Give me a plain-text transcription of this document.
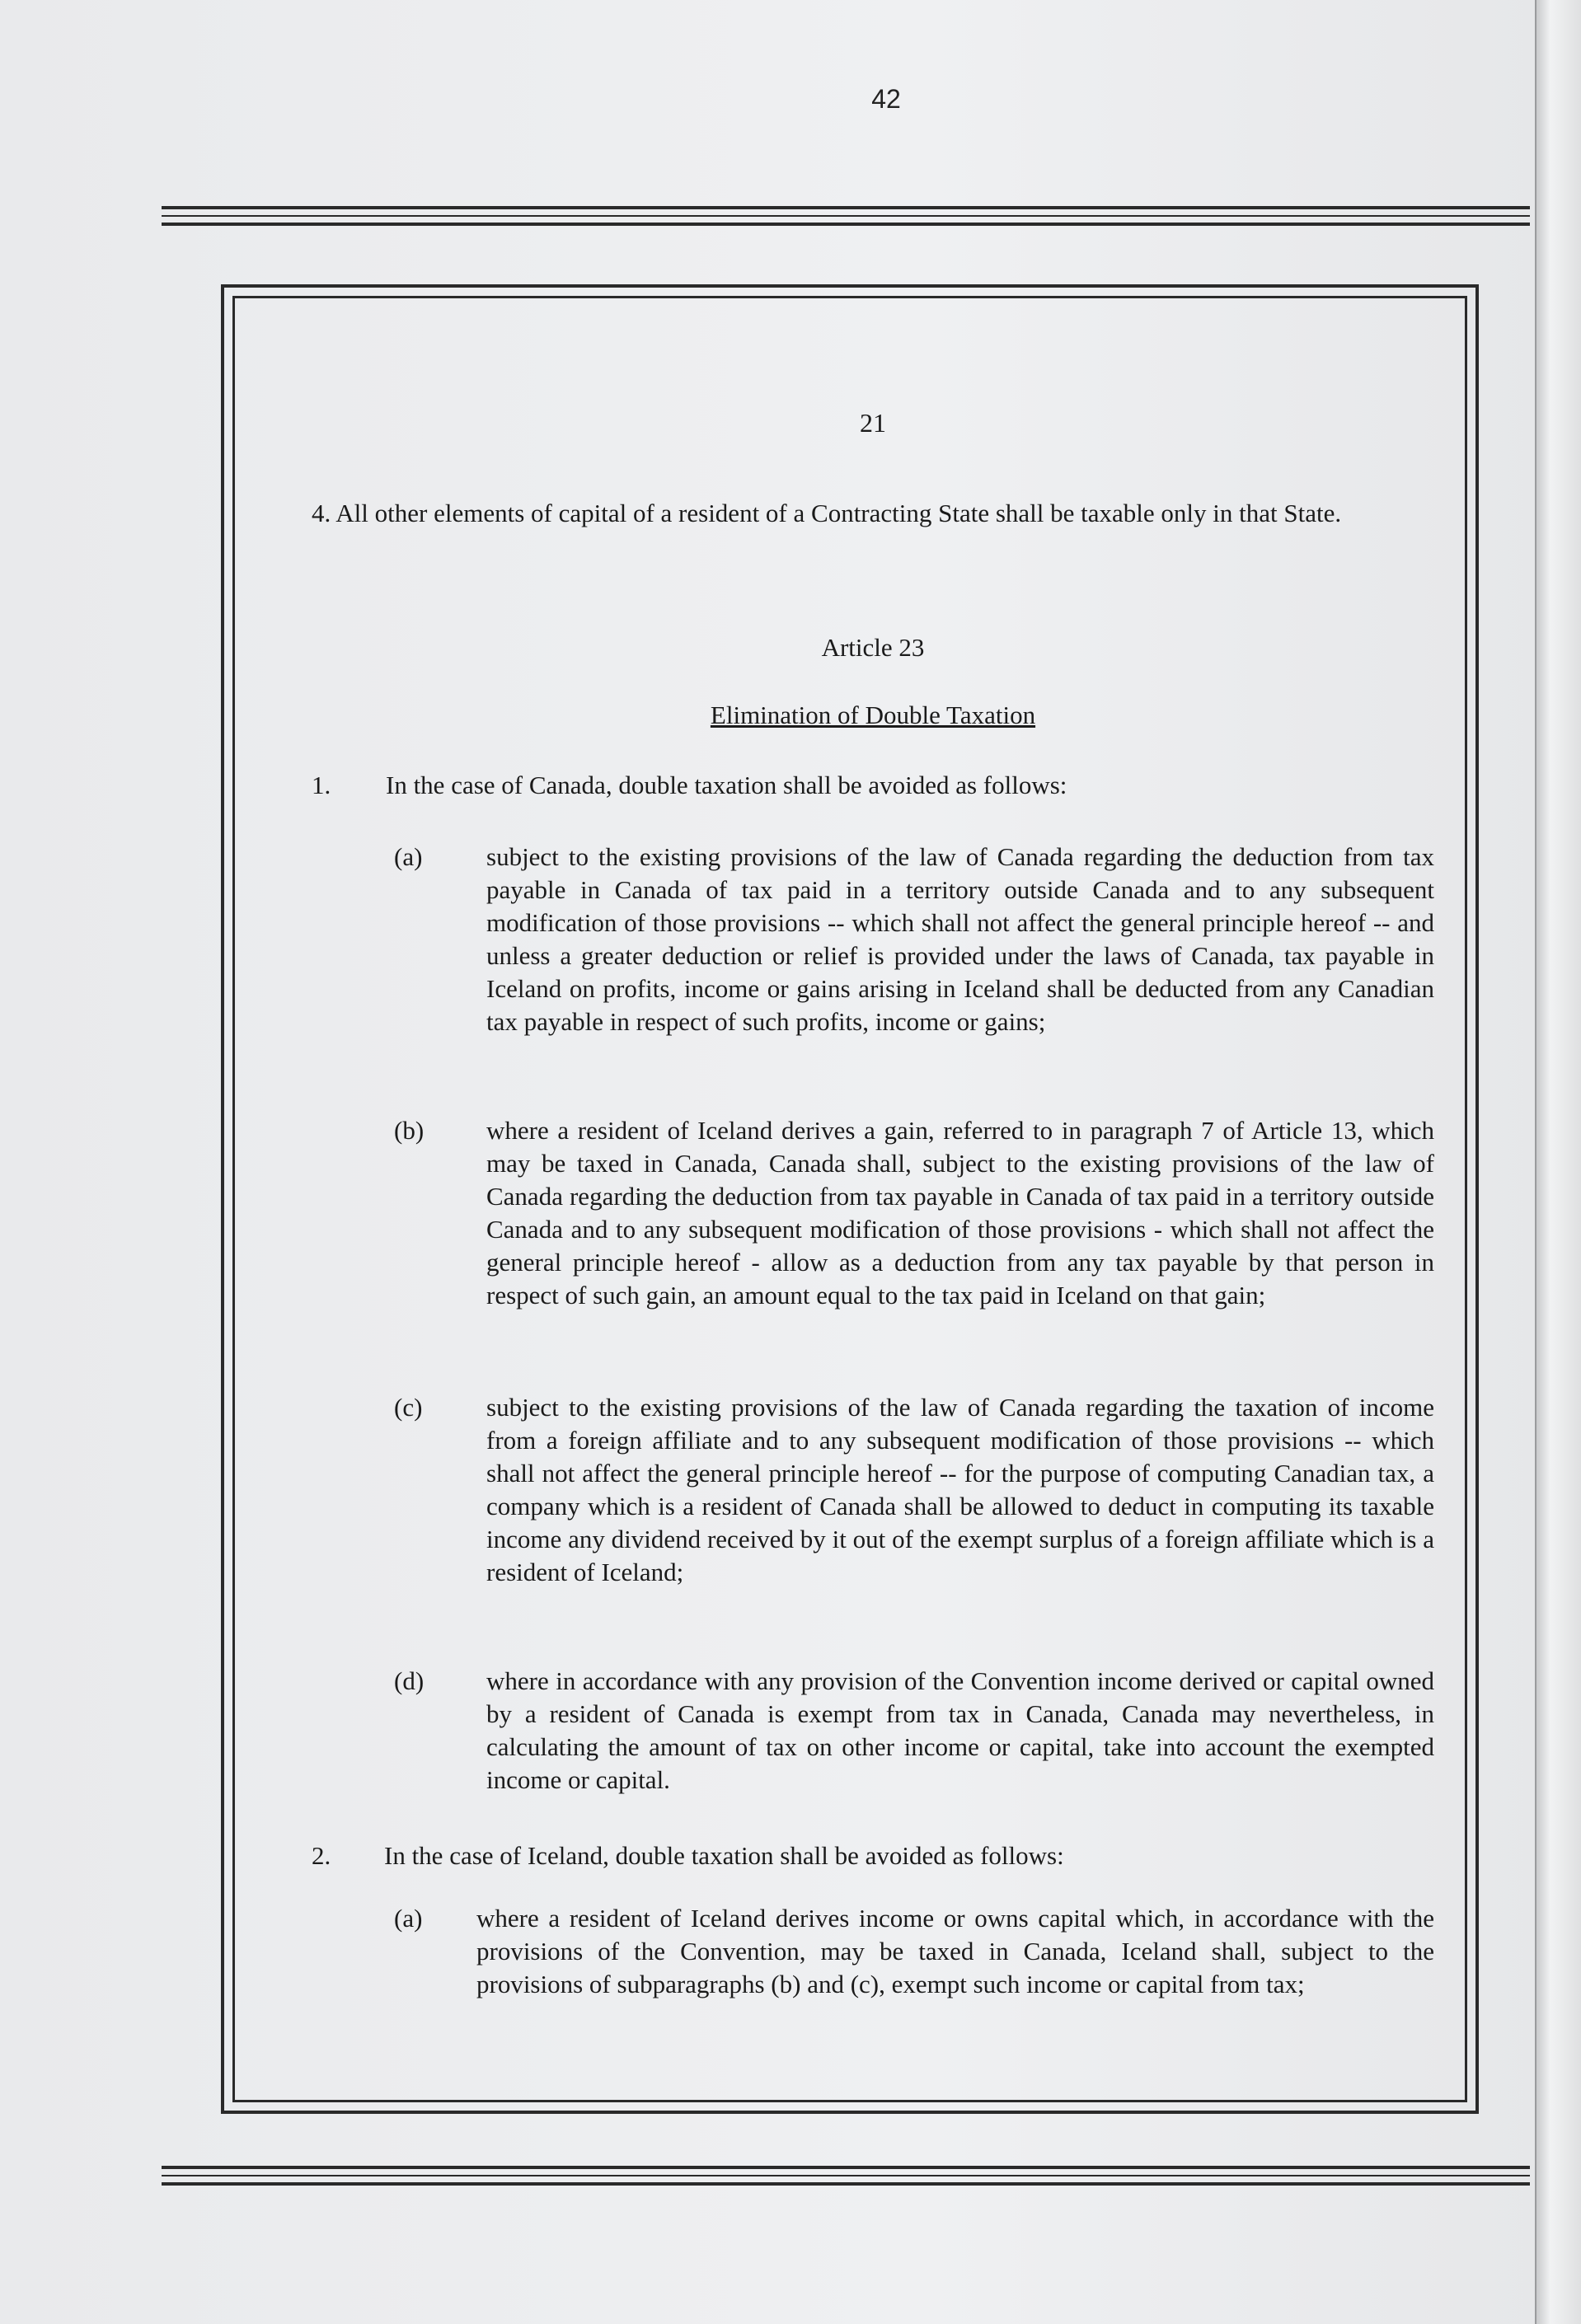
42
21
4. All other elements of capital of a resident of a Contracting State shall be taxable only in that State.
Article 23
Elimination of Double Taxation
1. In the case of Canada, double taxation shall be avoided as follows:
(a)	subject to the existing provisions of the law of Canada regarding the deduction from tax payable in Canada of tax paid in a territory outside Canada and to any subsequent modification of those provisions -- which shall not affect the general principle hereof -- and unless a greater deduction or relief is provided under the laws of Canada, tax payable in Iceland on profits, income or gains arising in Iceland shall be deducted from any Canadian tax payable in respect of such profits, income or gains;
(b) where a resident of Iceland derives a gain, referred to in paragraph 7 of Article 13, which may be taxed in Canada, Canada shall, subject to the existing provisions of the law of Canada regarding the deduction from tax payable in Canada of tax paid in a territory outside Canada and to any subsequent modification of those provisions - which shall not affect the general principle hereof - allow as a deduction from any tax payable by that person in respect of such gain, an amount equal to the tax paid in Iceland on that gain;
(c)	subject to the existing provisions of the law of Canada regarding the taxation of income from a foreign affiliate and to any subsequent modification of those provisions -- which shall not affect the general principle hereof -- for the purpose of computing Canadian tax, a company which is a resident of Canada shall be allowed to deduct in computing its taxable income any dividend received by it out of the exempt surplus of a foreign affiliate which is a resident of Iceland;
(d) where in accordance with any provision of the Convention income derived or capital owned by a resident of Canada is exempt from tax in Canada, Canada may nevertheless, in calculating the amount of tax on other income or capital, take into account the exempted income or capital.
2. In the case of Iceland, double taxation shall be avoided as follows:
(a) where a resident of Iceland derives income or owns capital which, in accordance with the provisions of the Convention, may be taxed in Canada, Iceland shall, subject to the provisions of subparagraphs (b) and (c), exempt such income or capital from tax;
